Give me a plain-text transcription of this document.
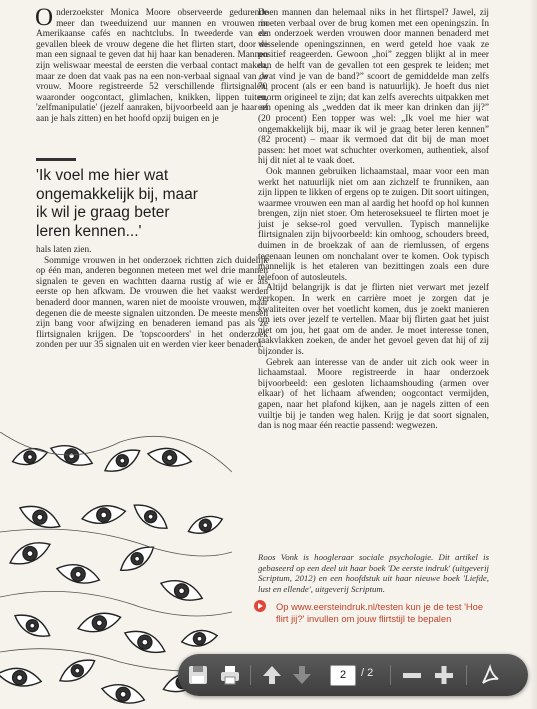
Onderzoekster Monica Moore observeerde gedurende meer dan tweeduizend uur mannen en vrouwen in Amerikaanse cafés en nachtclubs. In tweederde van de gevallen bleek de vrouw degene die het flirten start, door de man een signaal te geven dat hij haar kan benaderen. Mannen zijn weliswaar meestal de eersten die verbaal contact maken, maar ze doen dat vaak pas na een non-verbaal signaal van de vrouw. Moore registreerde 52 verschillende flirtsignalen, waaronder oogcontact, glimlachen, knikken, lippen tuiten, 'zelfmanipulatie' (jezelf aanraken, bijvoorbeeld aan je haar of aan je hals zitten) en het hoofd opzij buigen en je

'Ik voel me hier wat ongemakkelijk bij, maar ik wil je graag beter leren kennen...'

hals laten zien.

Sommige vrouwen in het onderzoek richtten zich duidelijk op één man, anderen begonnen meteen met wel drie mannen signalen te geven en wachtten daarna rustig af wie er als eerste op hen afkwam. De vrouwen die het vaakst werden benaderd door mannen, waren niet de mooiste vrouwen, maar degenen die de meeste signalen uitzonden. De meeste mensen zijn bang voor afwijzing en benaderen iemand pas als ze flirtsignalen krijgen. De 'topscoorders' in het onderzoek zonden per uur 35 signalen uit en werden vier keer benaderd.

Doen mannen dan helemaal niks in het flirtspel? Jawel, zij moeten verbaal over de brug komen met een openingszin. In een onderzoek werden vrouwen door mannen benaderd met wisselende openingszinnen, en werd geteld hoe vaak ze positief reageerden. Gewoon „hoi” zeggen blijkt al in meer dan de helft van de gevallen tot een gesprek te leiden; met „wat vind je van de band?” scoort de gemiddelde man zelfs 70 procent (als er een band is natuurlijk). Je hoeft dus niet enorm origineel te zijn; dat kan zelfs averechts uitpakken met een opening als „wedden dat ik meer kan drinken dan jij?” (20 procent) Een topper was wel: „Ik voel me hier wat ongemakkelijk bij, maar ik wil je graag beter leren kennen” (82 procent) – maar ik vermoed dat dit bij de man moet passen: het moet wat schuchter overkomen, authentiek, alsof hij dit niet al te vaak doet.

Ook mannen gebruiken lichaamstaal, maar voor een man werkt het natuurlijk niet om aan zichzelf te frunniken, aan zijn lippen te likken of ergens op te zuigen. Dit soort uitingen, waarmee vrouwen een man al aardig het hoofd op hol kunnen brengen, zijn niet stoer. Om heteroseksueel te flirten moet je juist je sekse-rol goed vervullen. Typisch mannelijke flirtsignalen zijn bijvoorbeeld: kin omhoog, schouders breed, duimen in de broekzak of aan de riemlussen, of ergens tegenaan leunen om nonchalant over te komen. Ook typisch mannelijk is het etaleren van bezittingen zoals een dure telefoon of autosleutels.

Altijd belangrijk is dat je flirten niet verwart met jezelf verkopen. In werk en carrière moet je zorgen dat je kwaliteiten over het voetlicht komen, dus je zoekt manieren om iets over jezelf te vertellen. Maar bij flirten gaat het juist niet om jou, het gaat om de ander. Je moet interesse tonen, raakvlakken zoeken, de ander het gevoel geven dat hij of zij bijzonder is.

Gebrek aan interesse van de ander uit zich ook weer in lichaamstaal. Moore registreerde in haar onderzoek bijvoorbeeld: een gesloten lichaamshouding (armen over elkaar) of het lichaam afwenden; oogcontact vermijden, gapen, naar het plafond kijken, aan je nagels zitten of een vuiltje bij je tanden weg halen. Krijg je dat soort signalen, dan is nog maar één reactie passend: wegwezen.

Roos Vonk is hoogleraar sociale psychologie. Dit artikel is gebaseerd op een deel uit haar boek 'De eerste indruk' (uitgeverij Scriptum, 2012) en een hoofdstuk uit haar nieuwe boek 'Liefde, lust en ellende', uitgeverij Scriptum.
Op www.eersteindruk.nl/testen kun je de test 'Hoe flirt jij?' invullen om jouw flirtstijl te bepalen
2	/ 2
